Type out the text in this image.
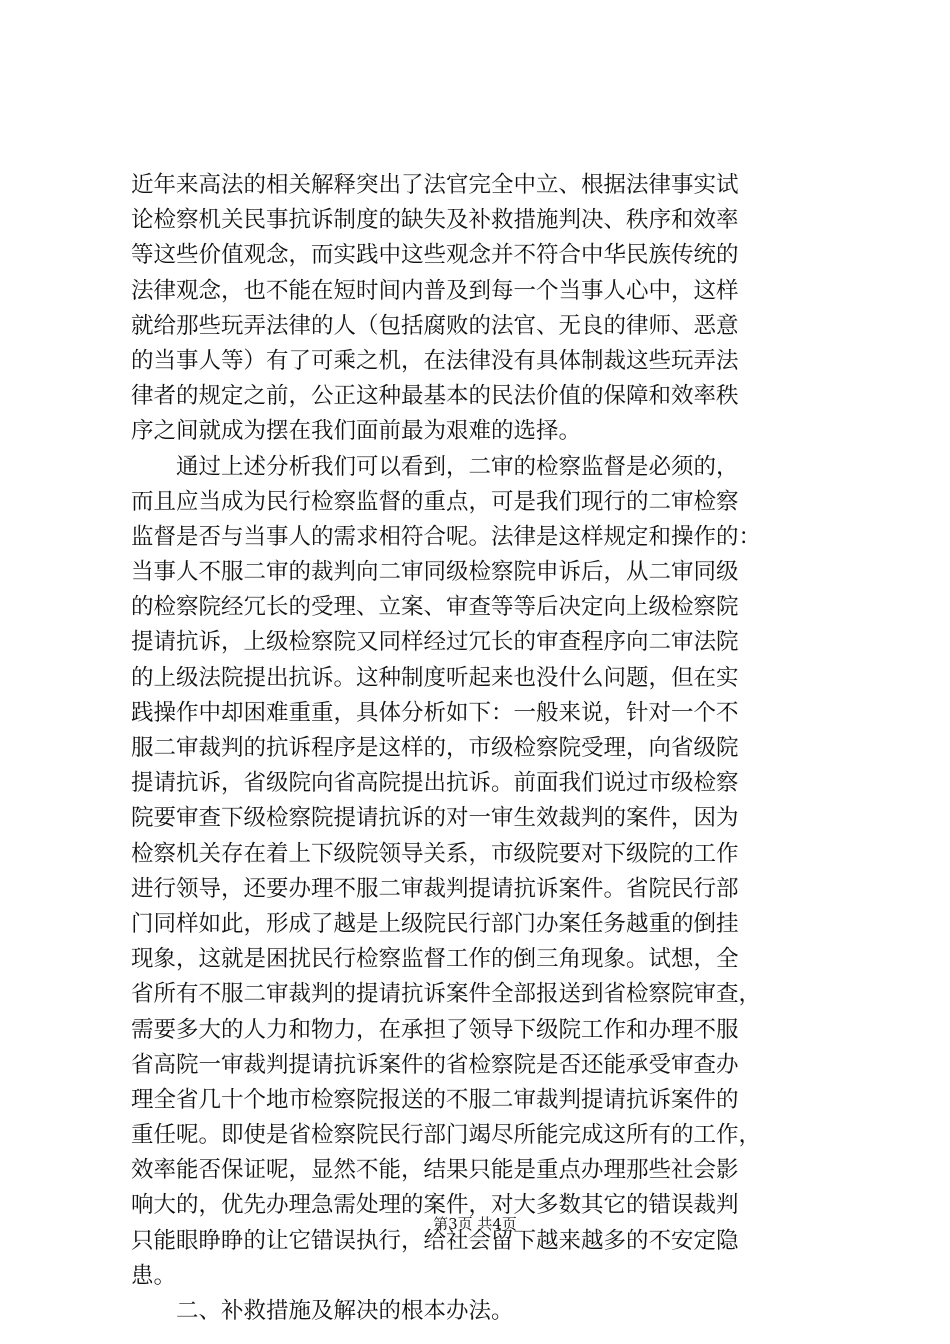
近年来高法的相关解释突出了法官完全中立、根据法律事实试
论检察机关民事抗诉制度的缺失及补救措施判决、秩序和效率
等这些价值观念，而实践中这些观念并不符合中华民族传统的
法律观念，也不能在短时间内普及到每一个当事人心中，这样
就给那些玩弄法律的人（包括腐败的法官、无良的律师、恶意
的当事人等）有了可乘之机，在法律没有具体制裁这些玩弄法
律者的规定之前，公正这种最基本的民法价值的保障和效率秩
序之间就成为摆在我们面前最为艰难的选择。
　　通过上述分析我们可以看到，二审的检察监督是必须的，
而且应当成为民行检察监督的重点，可是我们现行的二审检察
监督是否与当事人的需求相符合呢。法律是这样规定和操作的：
当事人不服二审的裁判向二审同级检察院申诉后，从二审同级
的检察院经冗长的受理、立案、审查等等后决定向上级检察院
提请抗诉，上级检察院又同样经过冗长的审查程序向二审法院
的上级法院提出抗诉。这种制度听起来也没什么问题，但在实
践操作中却困难重重，具体分析如下：一般来说，针对一个不
服二审裁判的抗诉程序是这样的，市级检察院受理，向省级院
提请抗诉，省级院向省高院提出抗诉。前面我们说过市级检察
院要审查下级检察院提请抗诉的对一审生效裁判的案件，因为
检察机关存在着上下级院领导关系，市级院要对下级院的工作
进行领导，还要办理不服二审裁判提请抗诉案件。省院民行部
门同样如此，形成了越是上级院民行部门办案任务越重的倒挂
现象，这就是困扰民行检察监督工作的倒三角现象。试想，全
省所有不服二审裁判的提请抗诉案件全部报送到省检察院审查，
需要多大的人力和物力，在承担了领导下级院工作和办理不服
省高院一审裁判提请抗诉案件的省检察院是否还能承受审查办
理全省几十个地市检察院报送的不服二审裁判提请抗诉案件的
重任呢。即使是省检察院民行部门竭尽所能完成这所有的工作，
效率能否保证呢，显然不能，结果只能是重点办理那些社会影
响大的，优先办理急需处理的案件，对大多数其它的错误裁判
只能眼睁睁的让它错误执行，给社会留下越来越多的不安定隐
患。
　　二、补救措施及解决的根本办法。
第3页 共4页
